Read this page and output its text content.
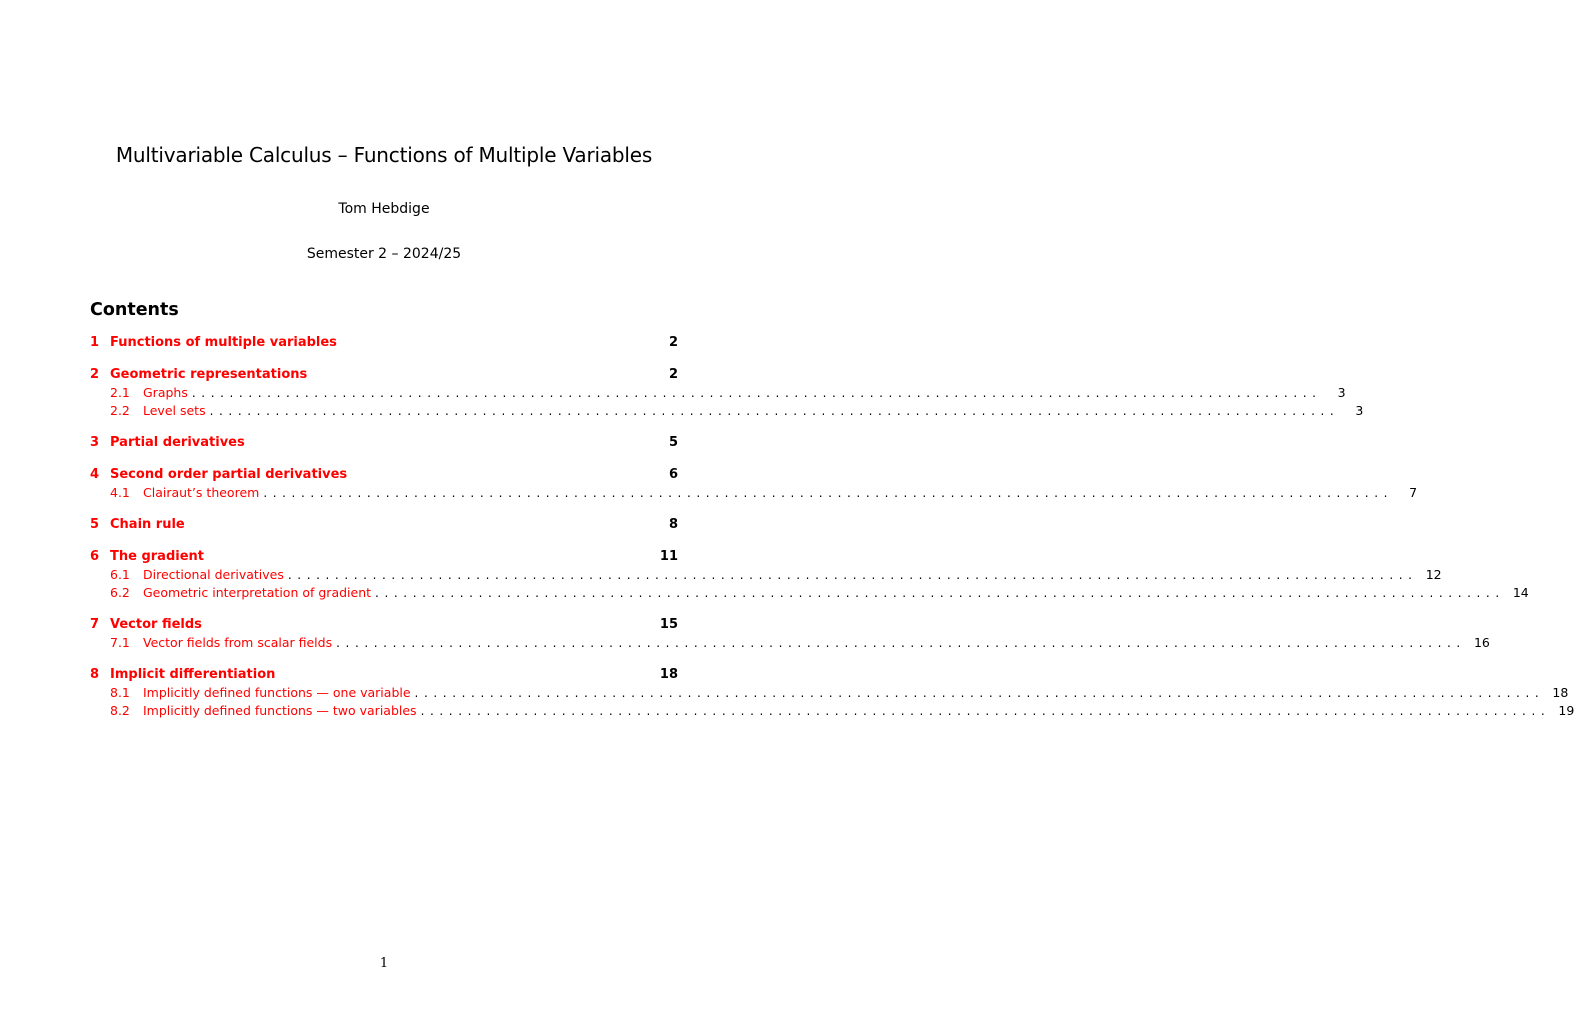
Multivariable Calculus – Functions of Multiple Variables
Tom Hebdige
Semester 2 – 2024/25
Contents
1 Functions of multiple variables	2
2 Geometric representations	2
2.1	Graphs ........................................................................................................................	3
2.2	Level sets ........................................................................................................................	3
3 Partial derivatives	5
4 Second order partial derivatives	6
4.1	Clairaut’s theorem ........................................................................................................................	7
5 Chain rule	8
6 The gradient	11
6.1	Directional derivatives ........................................................................................................................ 12
6.2	Geometric interpretation of gradient ........................................................................................................................ 14
7 Vector fields	15
7.1	Vector fields from scalar fields ........................................................................................................................ 16
8 Implicit differentiation	18
8.1	Implicitly defined functions — one variable ........................................................................................................................ 18
8.2	Implicitly defined functions — two variables ........................................................................................................................ 19
1
